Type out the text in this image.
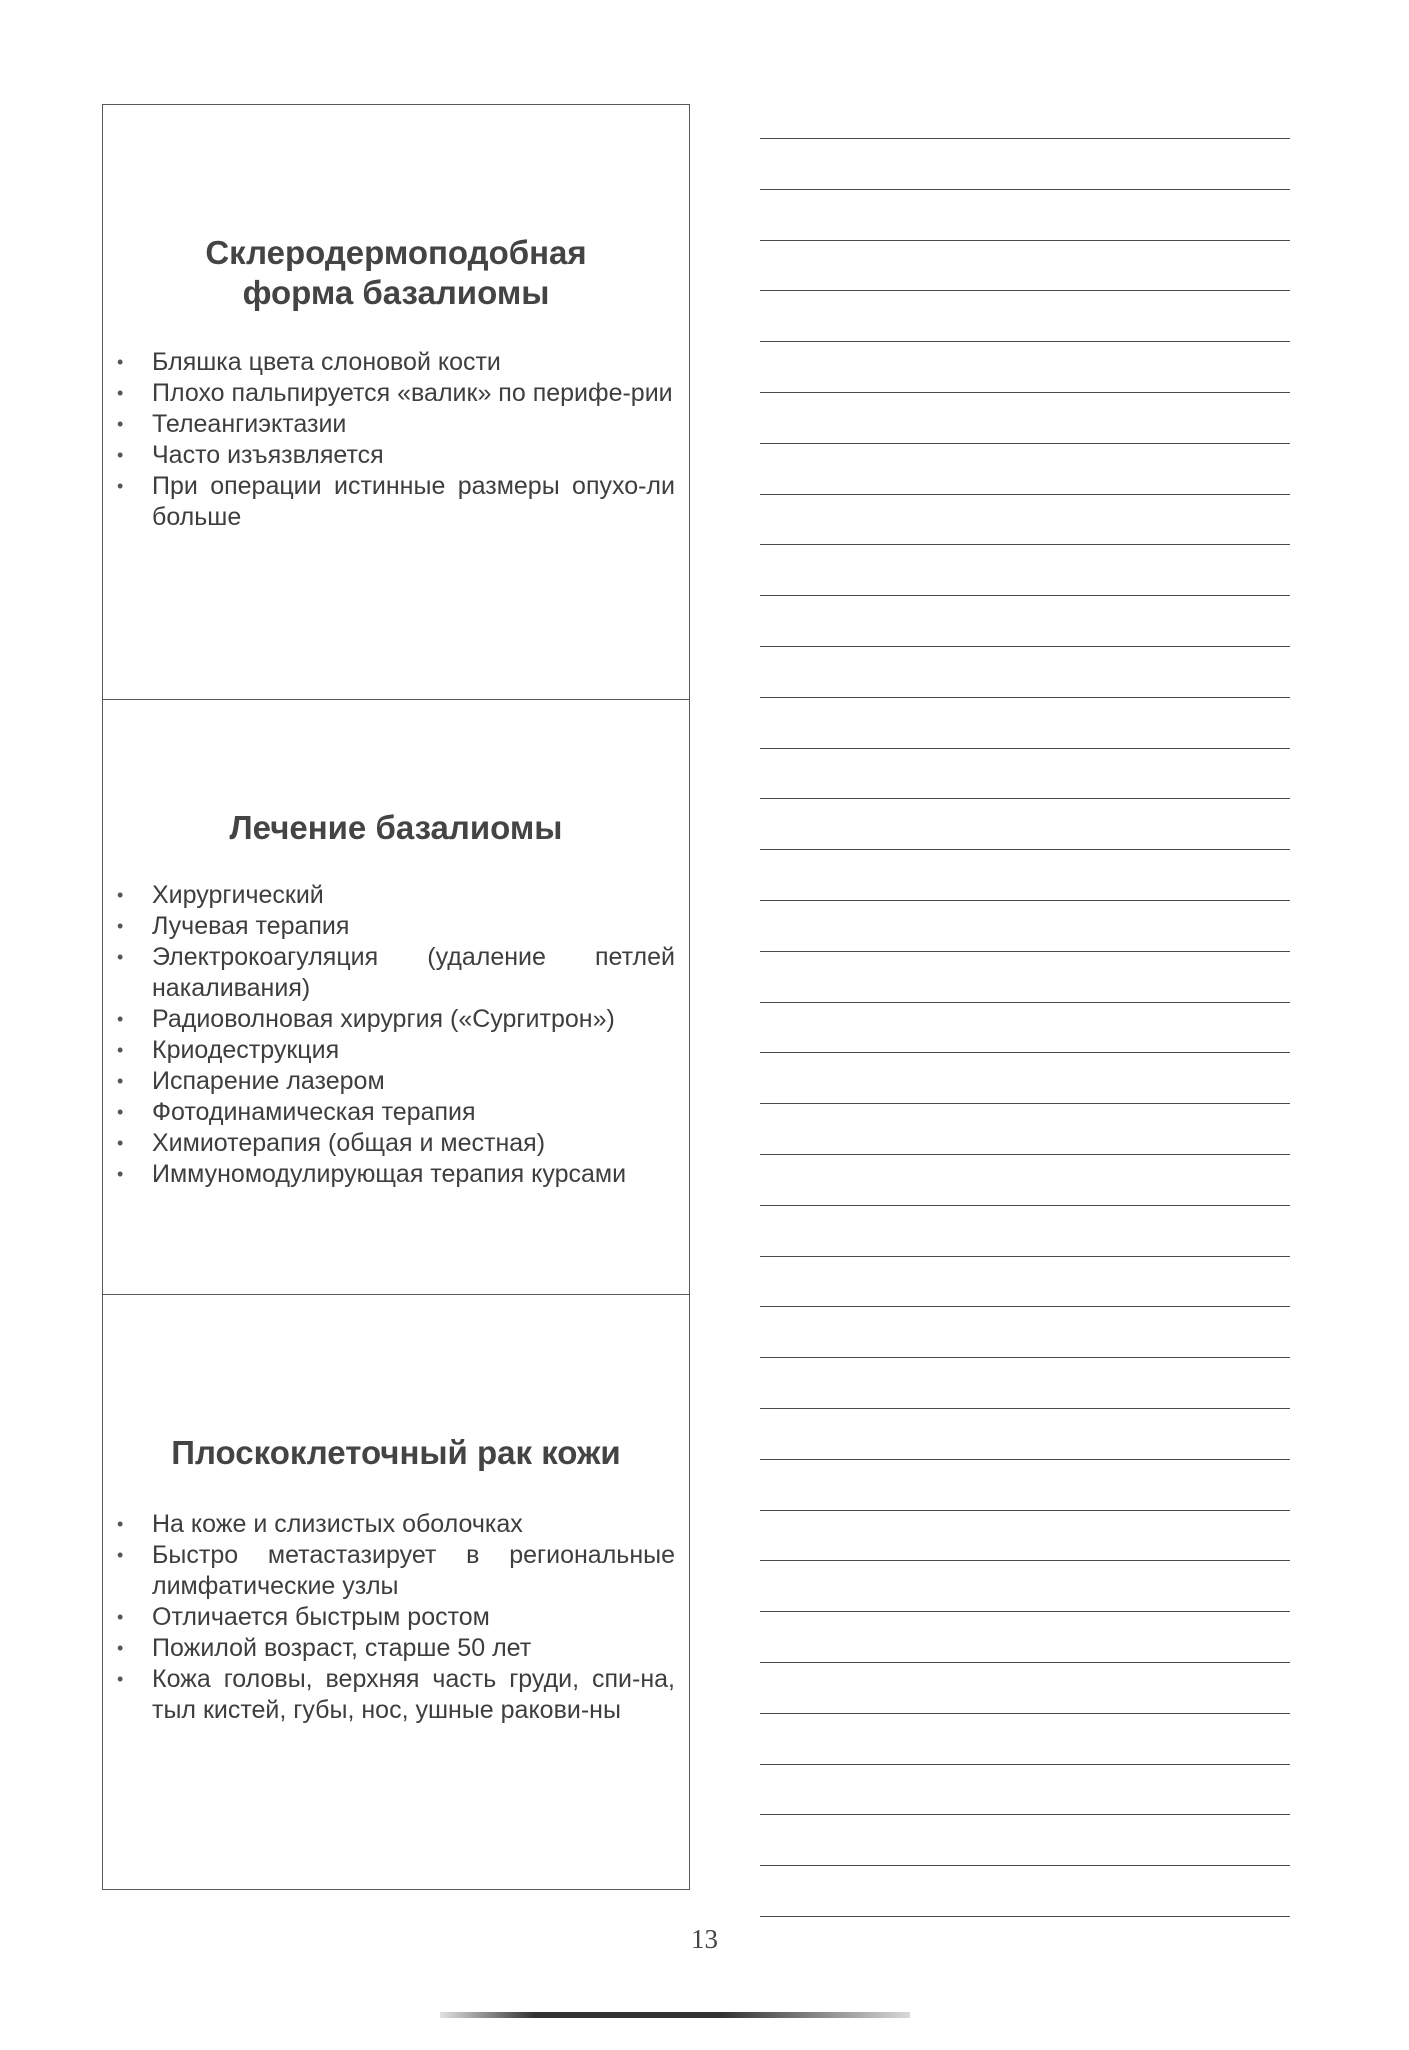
Склеродермоподобная
форма базалиомы
• Бляшка цвета слоновой кости
• Плохо пальпируется «валик» по перифе-рии
• Телеангиэктазии
• Часто изъязвляется
• При операции истинные размеры опухо-ли больше
Лечение базалиомы
• Хирургический
• Лучевая терапия
• Электрокоагуляция (удаление петлей накаливания)
• Радиоволновая хирургия («Сургитрон»)
• Криодеструкция
• Испарение лазером
• Фотодинамическая терапия
• Химиотерапия (общая и местная)
• Иммуномодулирующая терапия курсами
Плоскоклеточный рак кожи
• На коже и слизистых оболочках
• Быстро метастазирует в региональные лимфатические узлы
• Отличается быстрым ростом
• Пожилой возраст, старше 50 лет
• Кожа головы, верхняя часть груди, спи-на, тыл кистей, губы, нос, ушные ракови-ны
13
